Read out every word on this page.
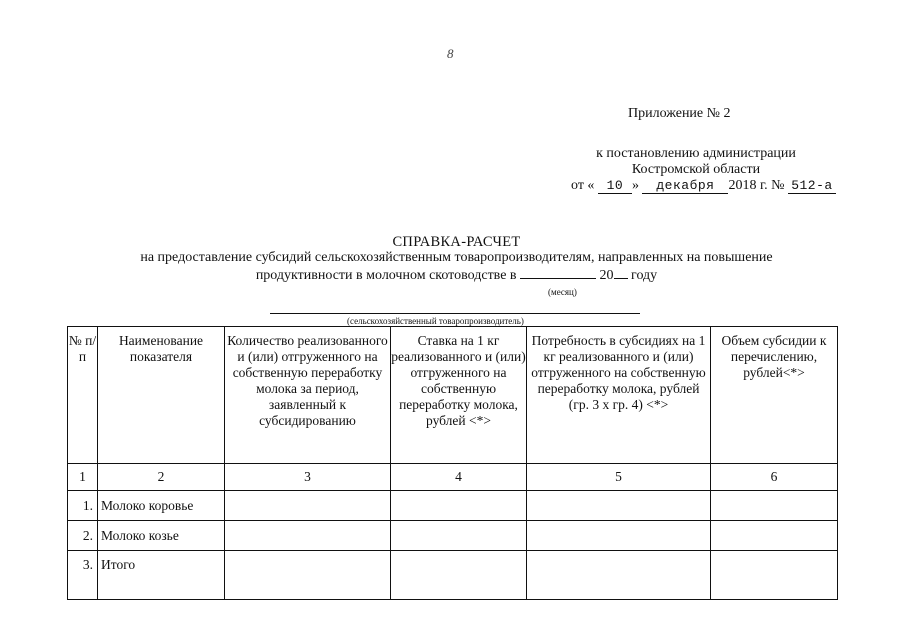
8
Приложение № 2
к постановлению администрации
Костромской области
от « 10 » декабря 2018 г. № 512-а
СПРАВКА-РАСЧЕТ
на предоставление субсидий сельскохозяйственным товаропроизводителям, направленных на повышение
продуктивности в молочном скотоводстве в	20 году
(месяц)
(сельскохозяйственный товаропроизводитель)
№ п/п	Наименование показателя	Количество реализованного и (или) отгруженного на собственную переработку молока за период, заявленный к субсидированию	Ставка на 1 кг реализованного и (или) отгруженного на собственную переработку молока, рублей <*>	Потребность в субсидиях на 1 кг реализованного и (или) отгруженного на собственную переработку молока, рублей (гр. 3 x гр. 4) <*>	Объем субсидии к перечислению, рублей<*>
1	2	3	4	5	6
1.	Молоко коровье				
2.	Молоко козье				
3.	Итого				
